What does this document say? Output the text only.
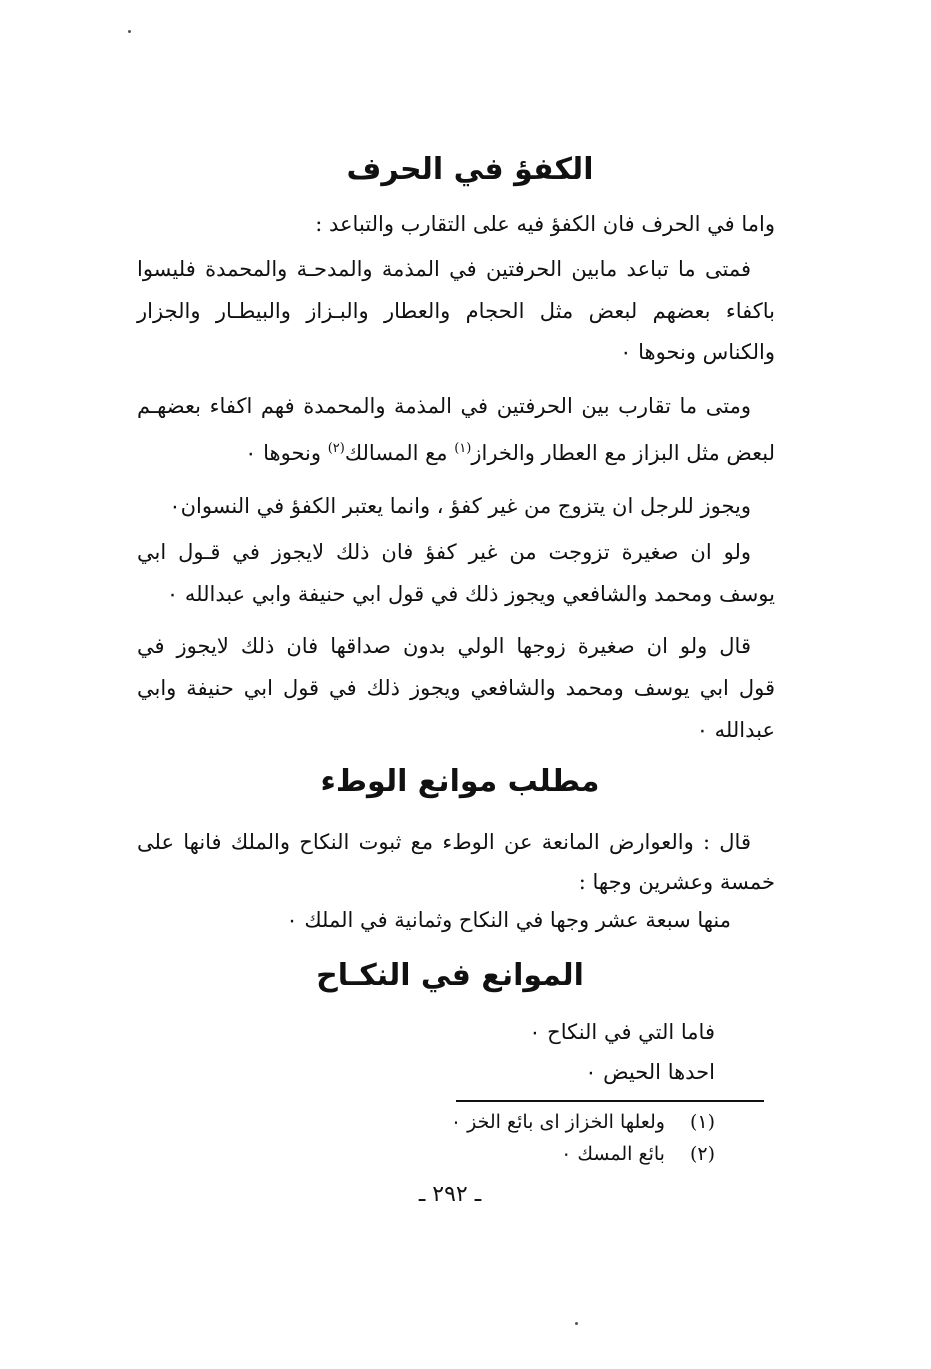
الكفؤ في الحرف
واما في الحرف فان الكفؤ فيه على التقارب والتباعد :
فمتى ما تباعد مابين الحرفتين في المذمة والمدحـة والمحمدة فليسوا
باكفاء بعضهم لبعض مثل الحجام والعطار والبـزاز والبيطـار والجزار
والكناس ونحوها ٠
ومتى ما تقارب بين الحرفتين في المذمة والمحمدة فهم اكفاء بعضهـم
لبعض مثل البزاز مع العطار والخراز$^{(١)}$ مع المسالك$^{(٢)}$ ونحوها ٠
ويجوز للرجل ان يتزوج من غير كفؤ ، وانما يعتبر الكفؤ في النسوان٠
ولو ان صغيرة تزوجت من غير كفؤ فان ذلك لايجوز في قـول ابي
يوسف ومحمد والشافعي ويجوز ذلك في قول ابي حنيفة وابي عبدالله ٠
قال ولو ان صغيرة زوجها الولي بدون صداقها فان ذلك لايجوز في
قول ابي يوسف ومحمد والشافعي ويجوز ذلك في قول ابي حنيفة وابي
عبدالله ٠
مطلب موانع الوطء
قال : والعوارض المانعة عن الوطء مع ثبوت النكاح والملك فانها على
خمسة وعشرين وجها :
منها سبعة عشر وجها في النكاح وثمانية في الملك ٠
الموانع في النكـاح
فاما التي في النكاح ٠
احدها الحيض ٠
(١) ولعلها الخزاز اى بائع الخز ٠
(٢) بائع المسك ٠
ـ ٢٩٢ ـ
